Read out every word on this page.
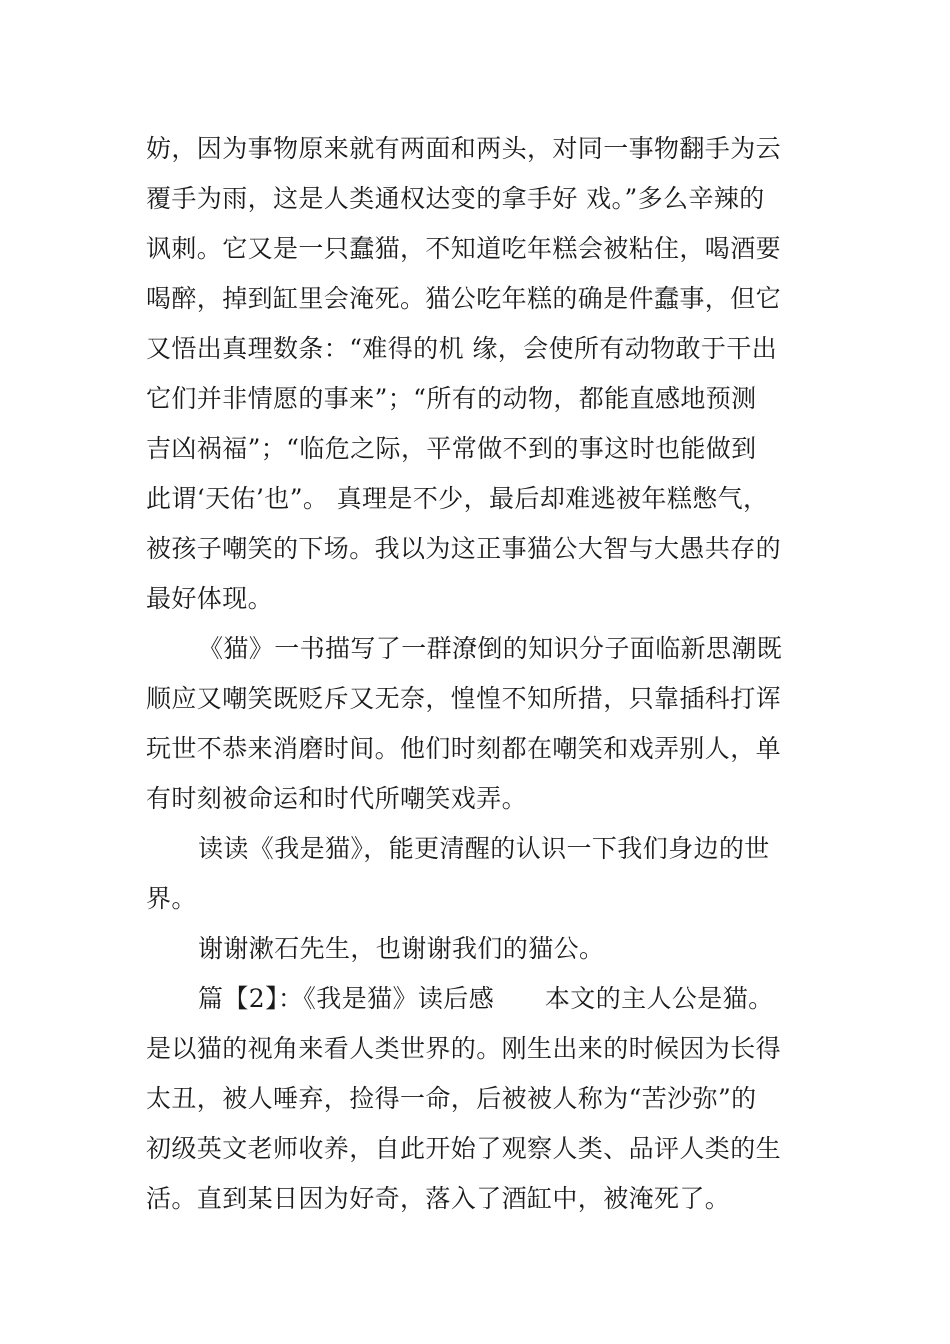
妨，因为事物原来就有两面和两头，对同一事物翻手为云
覆手为雨，这是人类通权达变的拿手好 戏。”多么辛辣的
讽刺。它又是一只蠢猫，不知道吃年糕会被粘住，喝酒要
喝醉，掉到缸里会淹死。猫公吃年糕的确是件蠢事，但它
又悟出真理数条：“难得的机 缘，会使所有动物敢于干出
它们并非情愿的事来”；“所有的动物，都能直感地预测
吉凶祸福”；“临危之际，平常做不到的事这时也能做到
此谓‘天佑’也”。 真理是不少，最后却难逃被年糕憋气，
被孩子嘲笑的下场。我以为这正事猫公大智与大愚共存的
最好体现。
《猫》一书描写了一群潦倒的知识分子面临新思潮既
顺应又嘲笑既贬斥又无奈，惶惶不知所措，只靠插科打诨
玩世不恭来消磨时间。他们时刻都在嘲笑和戏弄别人，单
有时刻被命运和时代所嘲笑戏弄。
读读《我是猫》，能更清醒的认识一下我们身边的世
界。
谢谢漱石先生，也谢谢我们的猫公。
篇【2】：《我是猫》读后感　　本文的主人公是猫。
是以猫的视角来看人类世界的。刚生出来的时候因为长得
太丑，被人唾弃，捡得一命，后被被人称为“苦沙弥”的
初级英文老师收养，自此开始了观察人类、品评人类的生
活。直到某日因为好奇，落入了酒缸中，被淹死了。
